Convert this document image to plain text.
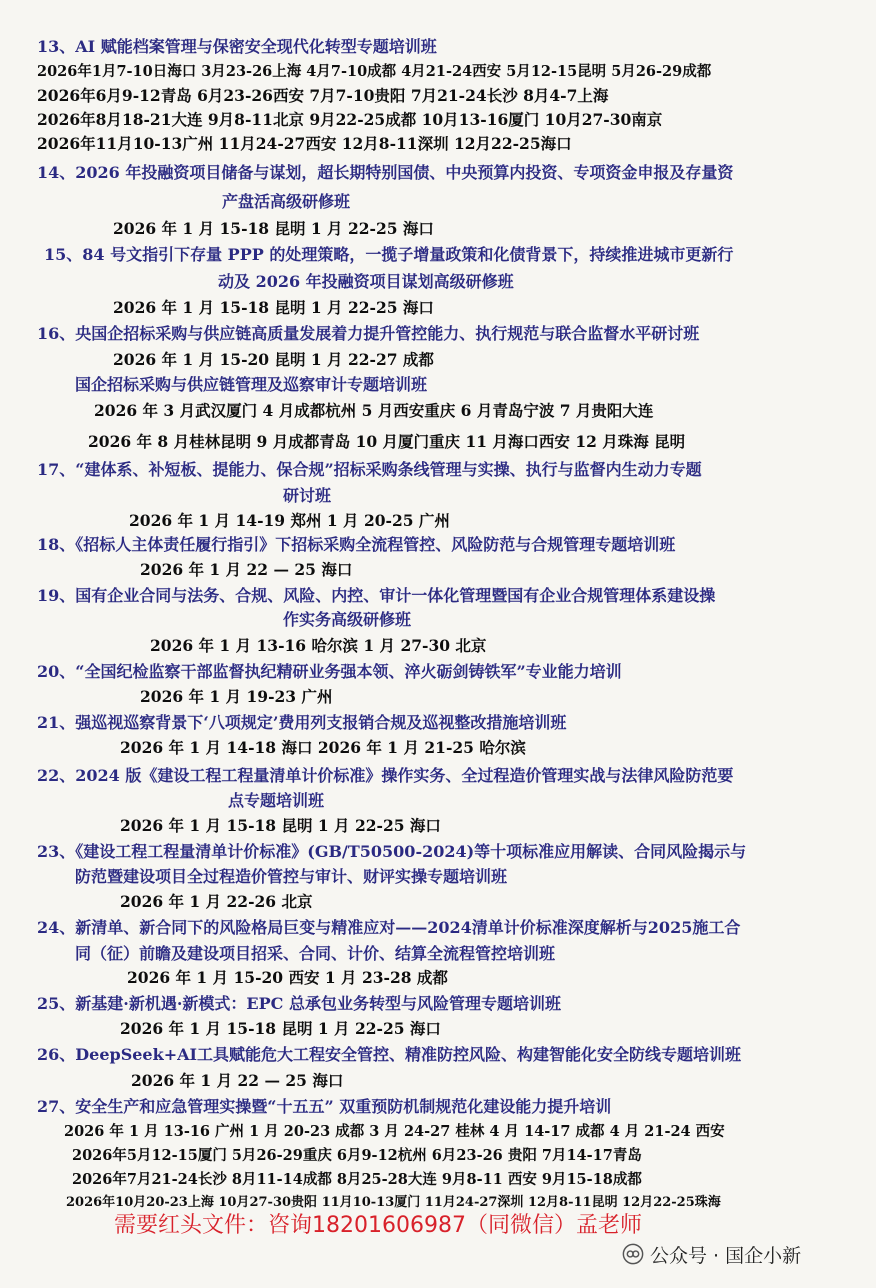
13、AI 赋能档案管理与保密安全现代化转型专题培训班
2026年1月7-10日海口 3月23-26上海 4月7-10成都 4月21-24西安 5月12-15昆明 5月26-29成都
2026年6月9-12青岛 6月23-26西安 7月7-10贵阳 7月21-24长沙 8月4-7上海
2026年8月18-21大连 9月8-11北京 9月22-25成都 10月13-16厦门 10月27-30南京
2026年11月10-13广州 11月24-27西安 12月8-11深圳 12月22-25海口
14、2026 年投融资项目储备与谋划，超长期特别国债、中央预算内投资、专项资金申报及存量资
产盘活高级研修班
2026 年 1 月 15-18 昆明 1 月 22-25 海口
15、84 号文指引下存量 PPP 的处理策略，一揽子增量政策和化债背景下，持续推进城市更新行
动及 2026 年投融资项目谋划高级研修班
2026 年 1 月 15-18 昆明 1 月 22-25 海口
16、央国企招标采购与供应链高质量发展着力提升管控能力、执行规范与联合监督水平研讨班
2026 年 1 月 15-20 昆明 1 月 22-27 成都
国企招标采购与供应链管理及巡察审计专题培训班
2026 年 3 月武汉厦门 4 月成都杭州 5 月西安重庆 6 月青岛宁波 7 月贵阳大连
2026 年 8 月桂林昆明 9 月成都青岛 10 月厦门重庆 11 月海口西安 12 月珠海 昆明
17、“建体系、补短板、提能力、保合规”招标采购条线管理与实操、执行与监督内生动力专题
研讨班
2026 年 1 月 14-19 郑州 1 月 20-25 广州
18、《招标人主体责任履行指引》下招标采购全流程管控、风险防范与合规管理专题培训班
2026 年 1 月 22 — 25 海口
19、国有企业合同与法务、合规、风险、内控、审计一体化管理暨国有企业合规管理体系建设操
作实务高级研修班
2026 年 1 月 13-16 哈尔滨 1 月 27-30 北京
20、“全国纪检监察干部监督执纪精研业务强本领、淬火砺剑铸铁军”专业能力培训
2026 年 1 月 19-23 广州
21、强巡视巡察背景下‘八项规定’费用列支报销合规及巡视整改措施培训班
2026 年 1 月 14-18 海口 2026 年 1 月 21-25 哈尔滨
22、2024 版《建设工程工程量清单计价标准》操作实务、全过程造价管理实战与法律风险防范要
点专题培训班
2026 年 1 月 15-18 昆明 1 月 22-25 海口
23、《建设工程工程量清单计价标准》(GB/T50500-2024)等十项标准应用解读、合同风险揭示与
防范暨建设项目全过程造价管控与审计、财评实操专题培训班
2026 年 1 月 22-26 北京
24、新清单、新合同下的风险格局巨变与精准应对——2024清单计价标准深度解析与2025施工合
同（征）前瞻及建设项目招采、合同、计价、结算全流程管控培训班
2026 年 1 月 15-20 西安 1 月 23-28 成都
25、新基建·新机遇·新模式：EPC 总承包业务转型与风险管理专题培训班
2026 年 1 月 15-18 昆明 1 月 22-25 海口
26、DeepSeek+AI工具赋能危大工程安全管控、精准防控风险、构建智能化安全防线专题培训班
2026 年 1 月 22 — 25 海口
27、安全生产和应急管理实操暨“十五五” 双重预防机制规范化建设能力提升培训
2026 年 1 月 13-16 广州 1 月 20-23 成都 3 月 24-27 桂林 4 月 14-17 成都 4 月 21-24 西安
2026年5月12-15厦门 5月26-29重庆 6月9-12杭州 6月23-26 贵阳 7月14-17青岛
2026年7月21-24长沙 8月11-14成都 8月25-28大连 9月8-11 西安 9月15-18成都
2026年10月20-23上海 10月27-30贵阳 11月10-13厦门 11月24-27深圳 12月8-11昆明 12月22-25珠海
需要红头文件：咨询18201606987（同微信）孟老师
公众号 · 国企小新
